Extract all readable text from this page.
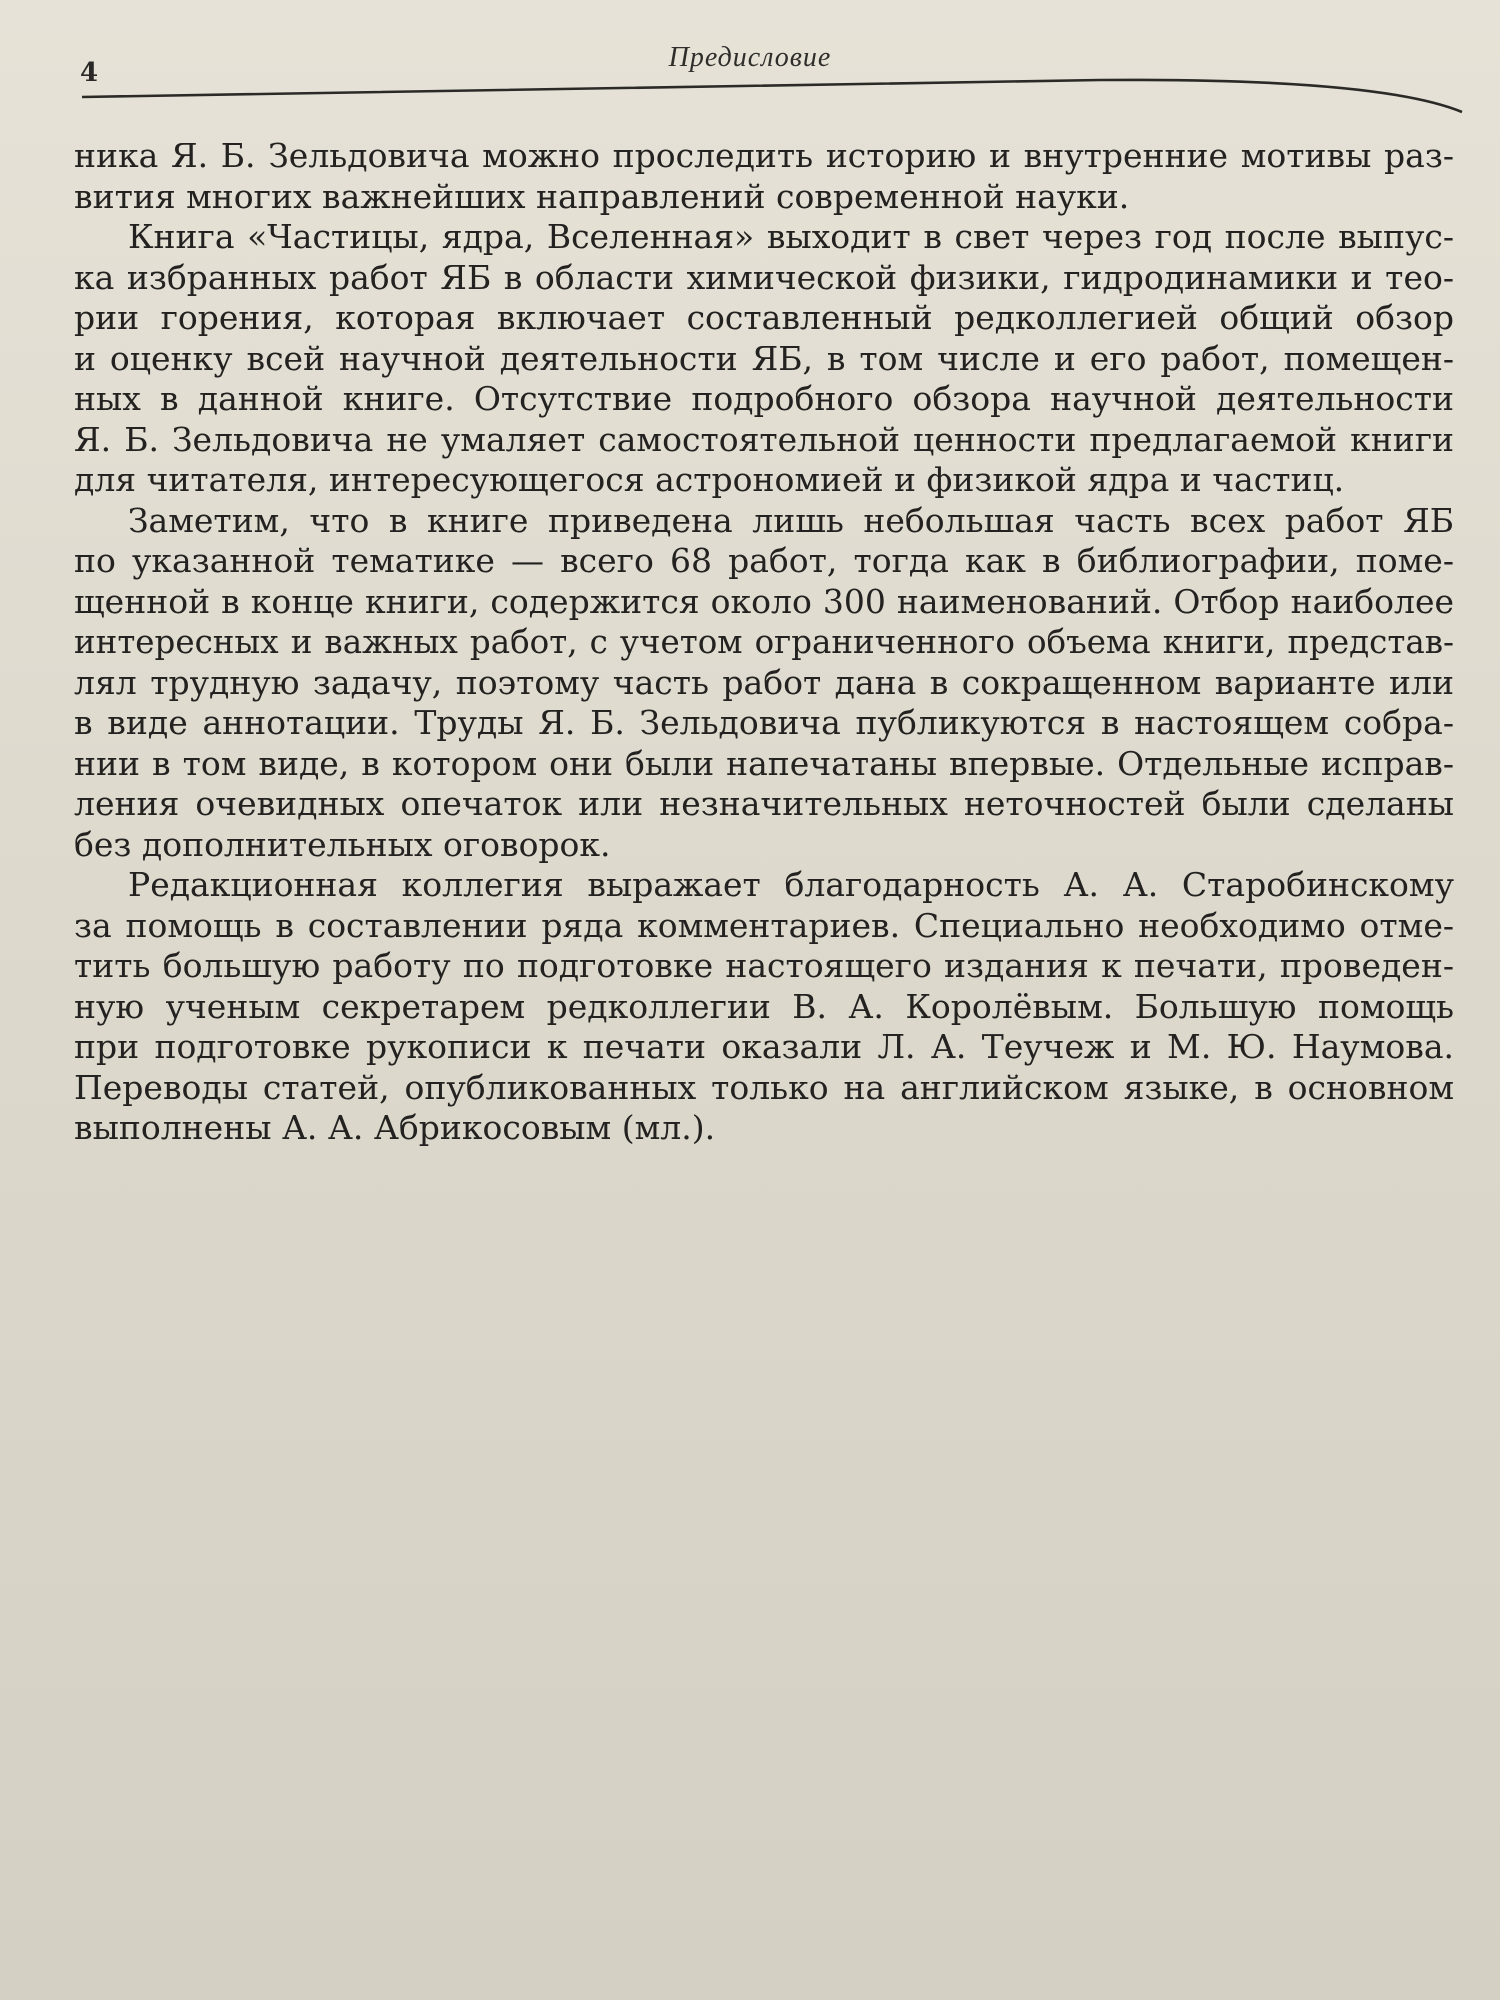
4	Предисловие
ника Я. Б. Зельдовича можно проследить историю и внутренние мотивы раз-
вития многих важнейших направлений современной науки.
Книга «Частицы, ядра, Вселенная» выходит в свет через год после выпус-
ка избранных работ ЯБ в области химической физики, гидродинамики и тео-
рии горения, которая включает составленный редколлегией общий обзор
и оценку всей научной деятельности ЯБ, в том числе и его работ, помещен-
ных в данной книге. Отсутствие подробного обзора научной деятельности
Я. Б. Зельдовича не умаляет самостоятельной ценности предлагаемой книги
для читателя, интересующегося астрономией и физикой ядра и частиц.
Заметим, что в книге приведена лишь небольшая часть всех работ ЯБ
по указанной тематике — всего 68 работ, тогда как в библиографии, поме-
щенной в конце книги, содержится около 300 наименований. Отбор наиболее
интересных и важных работ, с учетом ограниченного объема книги, представ-
лял трудную задачу, поэтому часть работ дана в сокращенном варианте или
в виде аннотации. Труды Я. Б. Зельдовича публикуются в настоящем собра-
нии в том виде, в котором они были напечатаны впервые. Отдельные исправ-
ления очевидных опечаток или незначительных неточностей были сделаны
без дополнительных оговорок.
Редакционная коллегия выражает благодарность А. А. Старобинскому
за помощь в составлении ряда комментариев. Специально необходимо отме-
тить большую работу по подготовке настоящего издания к печати, проведен-
ную ученым секретарем редколлегии В. А. Королёвым. Большую помощь
при подготовке рукописи к печати оказали Л. А. Теучеж и М. Ю. Наумова.
Переводы статей, опубликованных только на английском языке, в основном
выполнены А. А. Абрикосовым (мл.).
